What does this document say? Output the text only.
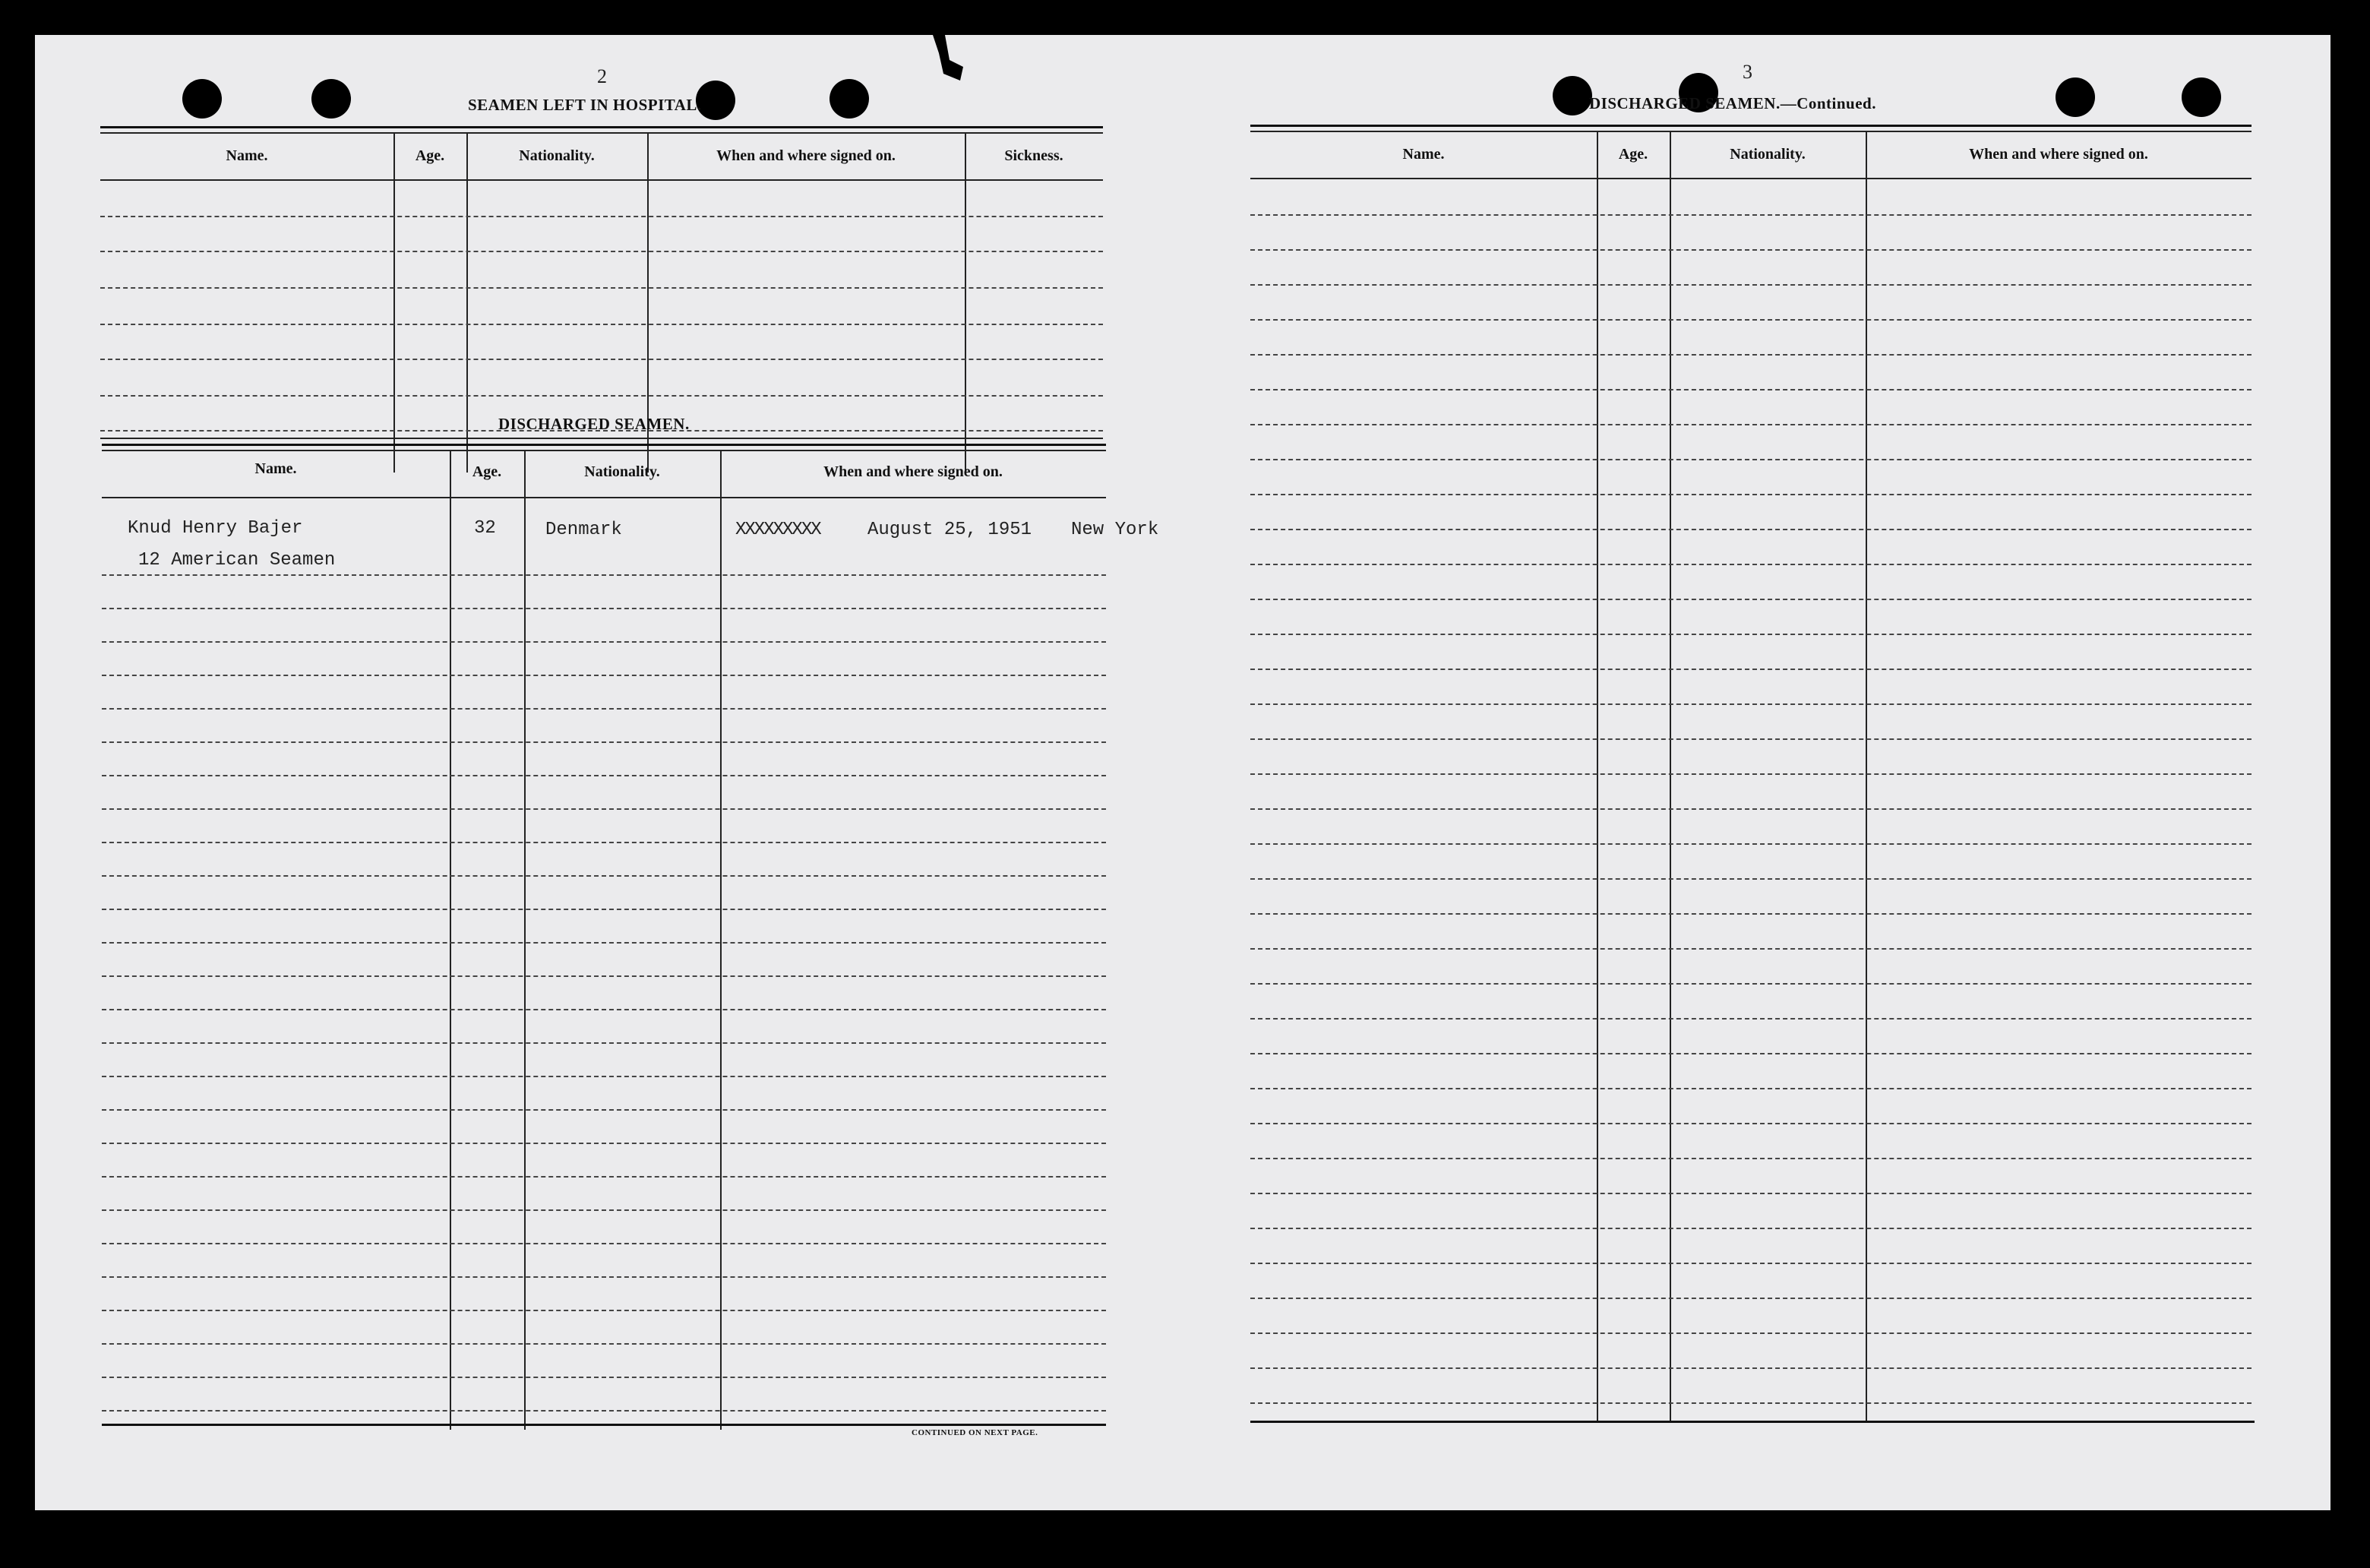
2
SEAMEN LEFT IN HOSPITAL.
Name.	Age.	Nationality.	When and where signed on.	Sickness.
DISCHARGED SEAMEN.
Name.	Age.	Nationality.	When and where signed on.
Knud Henry Bajer	32	Denmark	XXXXXXXXX	August 25, 1951 New York
12 American Seamen
CONTINUED ON NEXT PAGE.
3
DISCHARGED SEAMEN.—Continued.
Name.	Age.	Nationality.	When and where signed on.
